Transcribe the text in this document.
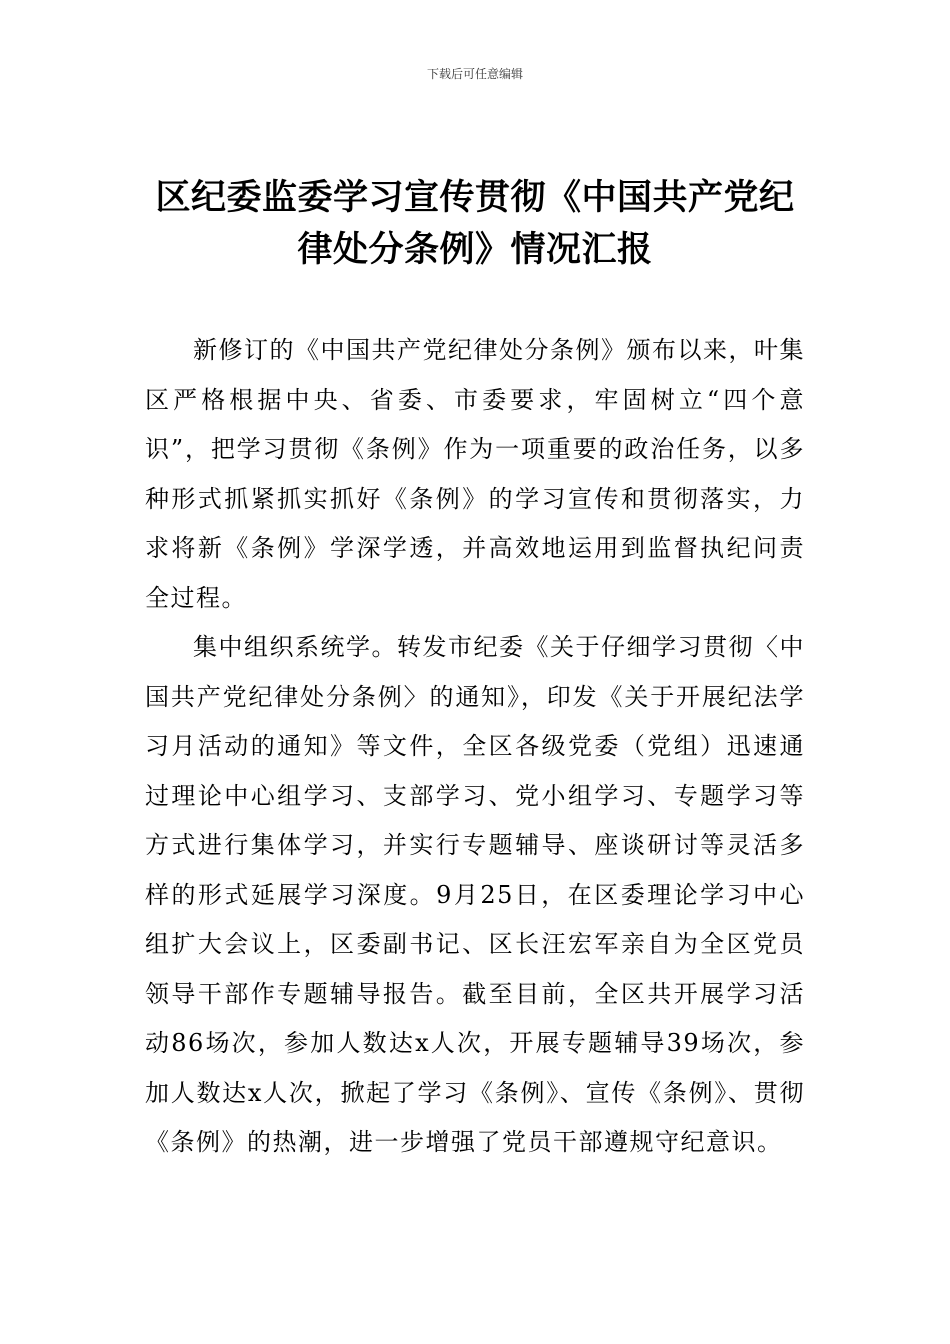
下载后可任意编辑
区纪委监委学习宣传贯彻《中国共产党纪律处分条例》情况汇报

新修订的《中国共产党纪律处分条例》颁布以来，叶集区严格根据中央、省委、市委要求，牢固树立“四个意识”，把学习贯彻《条例》作为一项重要的政治任务，以多种形式抓紧抓实抓好《条例》的学习宣传和贯彻落实，力求将新《条例》学深学透，并高效地运用到监督执纪问责全过程。

集中组织系统学。转发市纪委《关于仔细学习贯彻〈中国共产党纪律处分条例〉的通知》，印发《关于开展纪法学习月活动的通知》等文件，全区各级党委（党组）迅速通过理论中心组学习、支部学习、党小组学习、专题学习等方式进行集体学习，并实行专题辅导、座谈研讨等灵活多样的形式延展学习深度。9月25日，在区委理论学习中心组扩大会议上，区委副书记、区长汪宏军亲自为全区党员领导干部作专题辅导报告。截至目前，全区共开展学习活动86场次，参加人数达x人次，开展专题辅导39场次，参加人数达x人次，掀起了学习《条例》、宣传《条例》、贯彻《条例》的热潮，进一步增强了党员干部遵规守纪意识。
